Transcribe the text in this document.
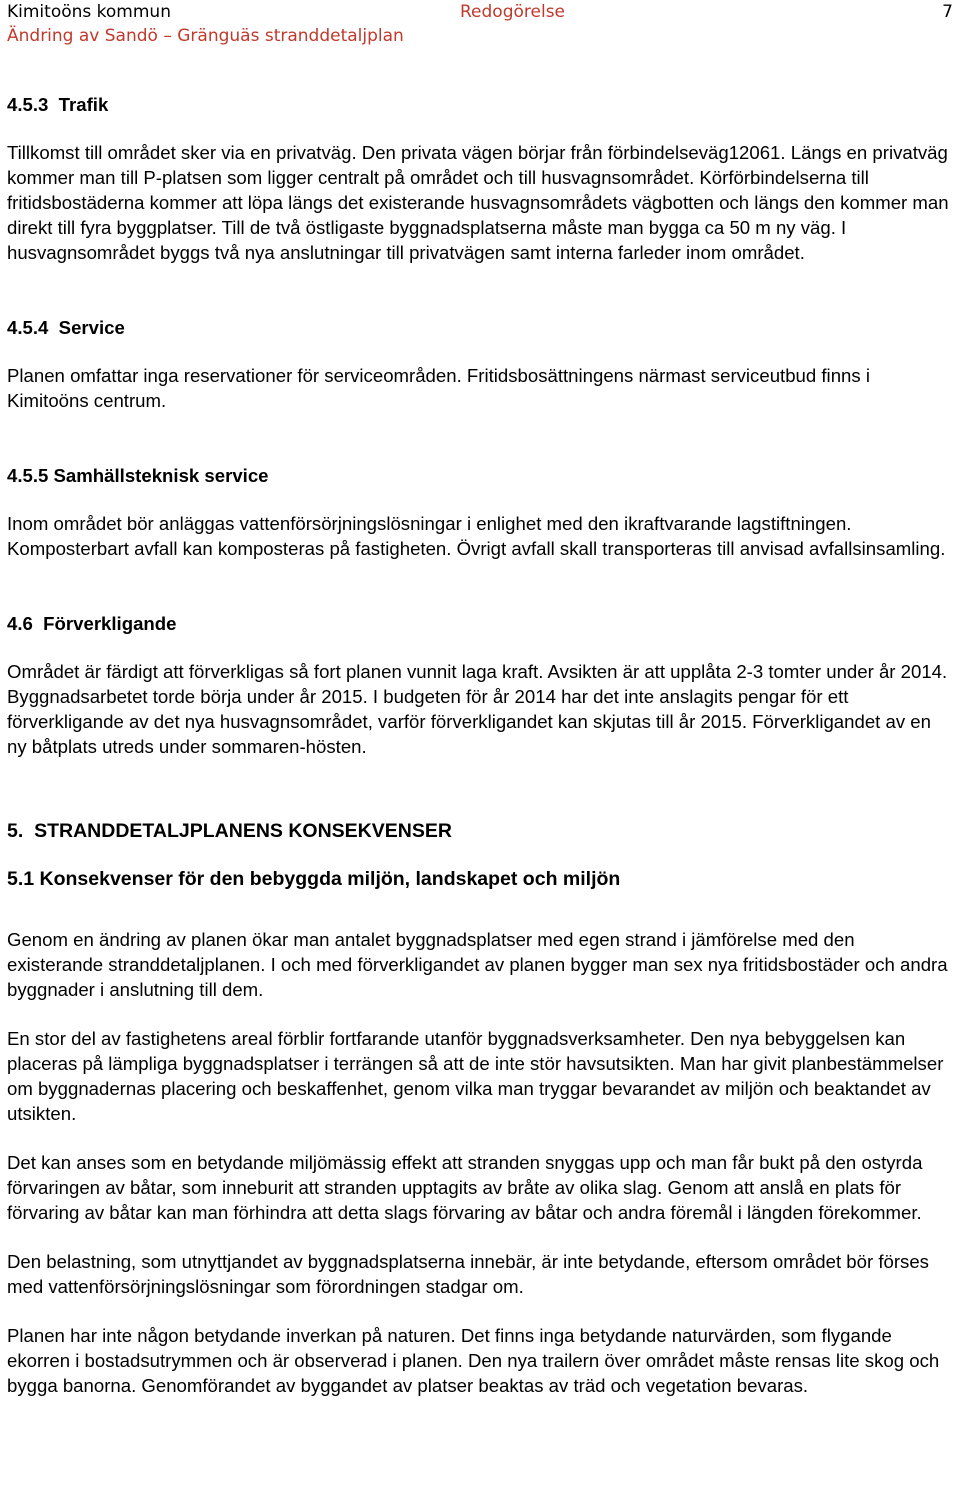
Kimitoöns kommun	Redogörelse	7
Ändring av Sandö – Gränguäs stranddetaljplan
4.5.3  Trafik

Tillkomst till området sker via en privatväg. Den privata vägen börjar från förbindelseväg12061. Längs en privatväg kommer man till P-platsen som ligger centralt på området och till husvagnsområdet. Körförbindelserna till fritidsbostäderna kommer att löpa längs det existerande husvagnsområdets vägbotten och längs den kommer man direkt till fyra byggplatser. Till de två östligaste byggnadsplatserna måste man bygga ca 50 m ny väg. I husvagnsområdet byggs två nya anslutningar till privatvägen samt interna farleder inom området.

4.5.4  Service

Planen omfattar inga reservationer för serviceområden. Fritidsbosättningens närmast serviceutbud finns i Kimitoöns centrum.

4.5.5 Samhällsteknisk service

Inom området bör anläggas vattenförsörjningslösningar i enlighet med den ikraftvarande lagstiftningen. Komposterbart avfall kan komposteras på fastigheten. Övrigt avfall skall transporteras till anvisad avfallsinsamling.

4.6  Förverkligande

Området är färdigt att förverkligas så fort planen vunnit laga kraft. Avsikten är att upplåta 2-3 tomter under år 2014. Byggnadsarbetet torde börja under år 2015. I budgeten för år 2014 har det inte anslagits pengar för ett förverkligande av det nya husvagnsområdet, varför förverkligandet kan skjutas till år 2015. Förverkligandet av en ny båtplats utreds under sommaren-hösten.

5.  STRANDDETALJPLANENS KONSEKVENSER
5.1 Konsekvenser för den bebyggda miljön, landskapet och miljön

Genom en ändring av planen ökar man antalet byggnadsplatser med egen strand i jämförelse med den existerande stranddetaljplanen. I och med förverkligandet av planen bygger man sex nya fritidsbostäder och andra byggnader i anslutning till dem.

En stor del av fastighetens areal förblir fortfarande utanför byggnadsverksamheter. Den nya bebyggelsen kan placeras på lämpliga byggnadsplatser i terrängen så att de inte stör havsutsikten. Man har givit planbestämmelser om byggnadernas placering och beskaffenhet, genom vilka man tryggar bevarandet av miljön och beaktandet av utsikten.

Det kan anses som en betydande miljömässig effekt att stranden snyggas upp och man får bukt på den ostyrda förvaringen av båtar, som inneburit att stranden upptagits av bråte av olika slag. Genom att anslå en plats för förvaring av båtar kan man förhindra att detta slags förvaring av båtar och andra föremål i längden förekommer.

Den belastning, som utnyttjandet av byggnadsplatserna innebär, är inte betydande, eftersom området bör förses med vattenförsörjningslösningar som förordningen stadgar om.

Planen har inte någon betydande inverkan på naturen. Det finns inga betydande naturvärden, som flygande ekorren i bostadsutrymmen och är observerad i planen. Den nya trailern över området måste rensas lite skog och bygga banorna. Genomförandet av byggandet av platser beaktas av träd och vegetation bevaras.
